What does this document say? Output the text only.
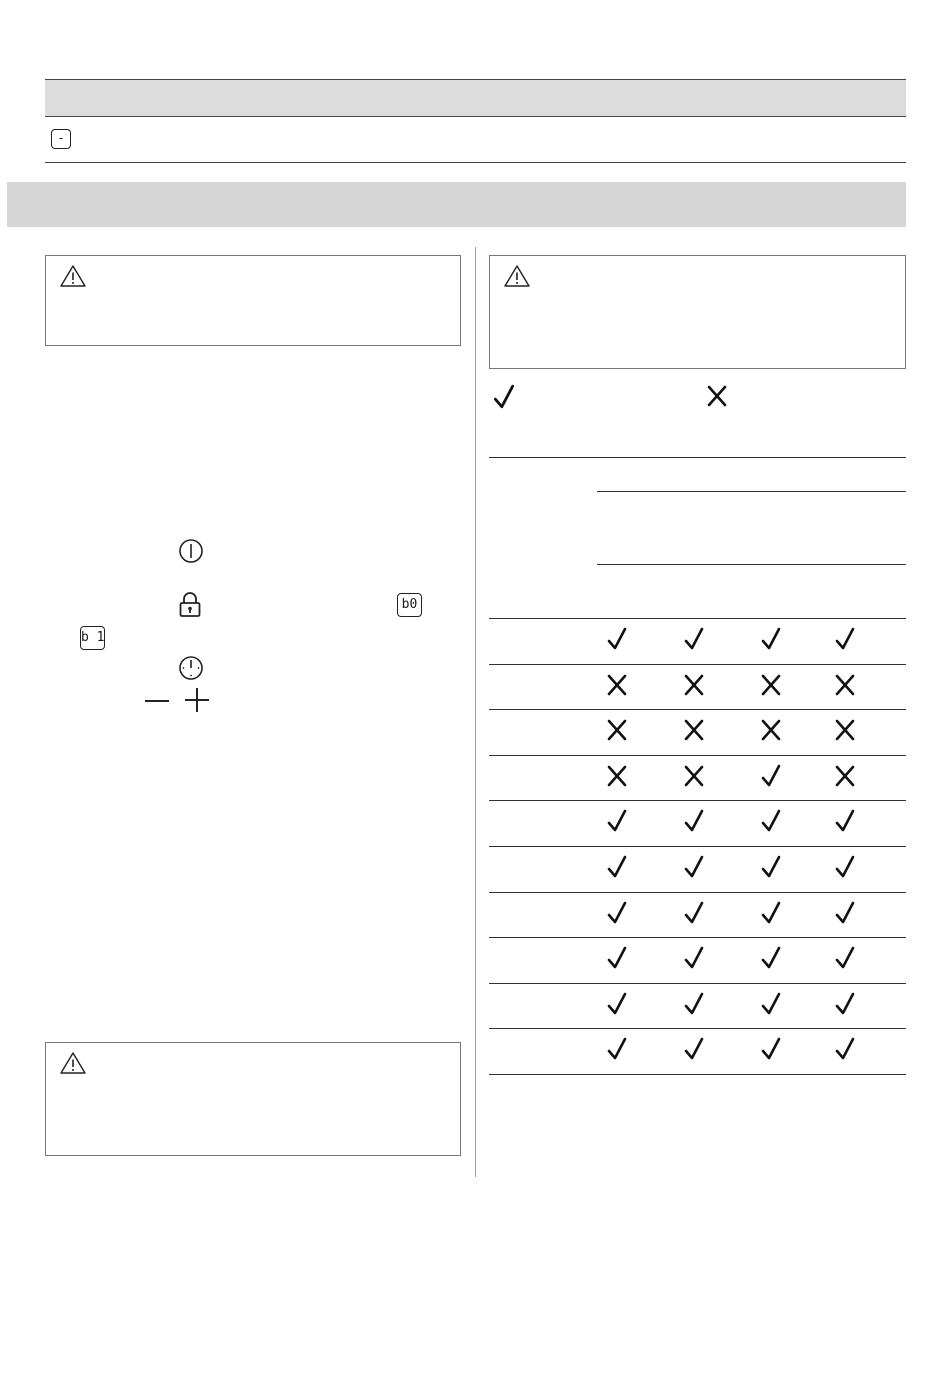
-
b0
b 1
